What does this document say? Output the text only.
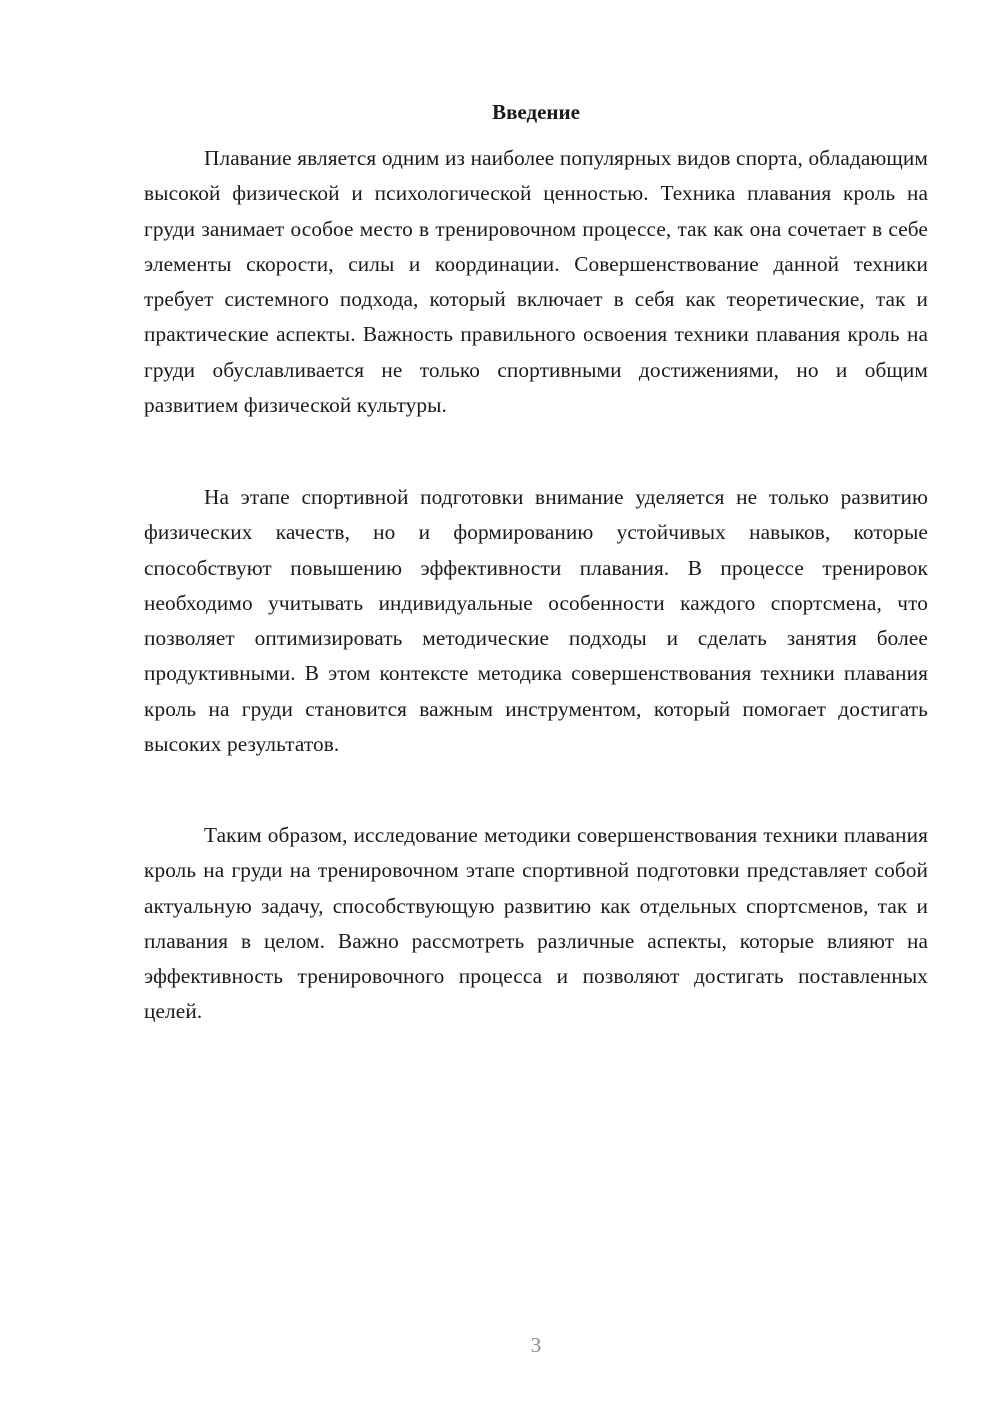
Введение

Плавание является одним из наиболее популярных видов спорта, обладающим высокой физической и психологической ценностью. Техника плавания кроль на груди занимает особое место в тренировочном процессе, так как она сочетает в себе элементы скорости, силы и координации. Совершенствование данной техники требует системного подхода, который включает в себя как теоретические, так и практические аспекты. Важность правильного освоения техники плавания кроль на груди обуславливается не только спортивными достижениями, но и общим развитием физической культуры.

На этапе спортивной подготовки внимание уделяется не только развитию физических качеств, но и формированию устойчивых навыков, которые способствуют повышению эффективности плавания. В процессе тренировок необходимо учитывать индивидуальные особенности каждого спортсмена, что позволяет оптимизировать методические подходы и сделать занятия более продуктивными. В этом контексте методика совершенствования техники плавания кроль на груди становится важным инструментом, который помогает достигать высоких результатов.

Таким образом, исследование методики совершенствования техники плавания кроль на груди на тренировочном этапе спортивной подготовки представляет собой актуальную задачу, способствующую развитию как отдельных спортсменов, так и плавания в целом. Важно рассмотреть различные аспекты, которые влияют на эффективность тренировочного процесса и позволяют достигать поставленных целей.

3
